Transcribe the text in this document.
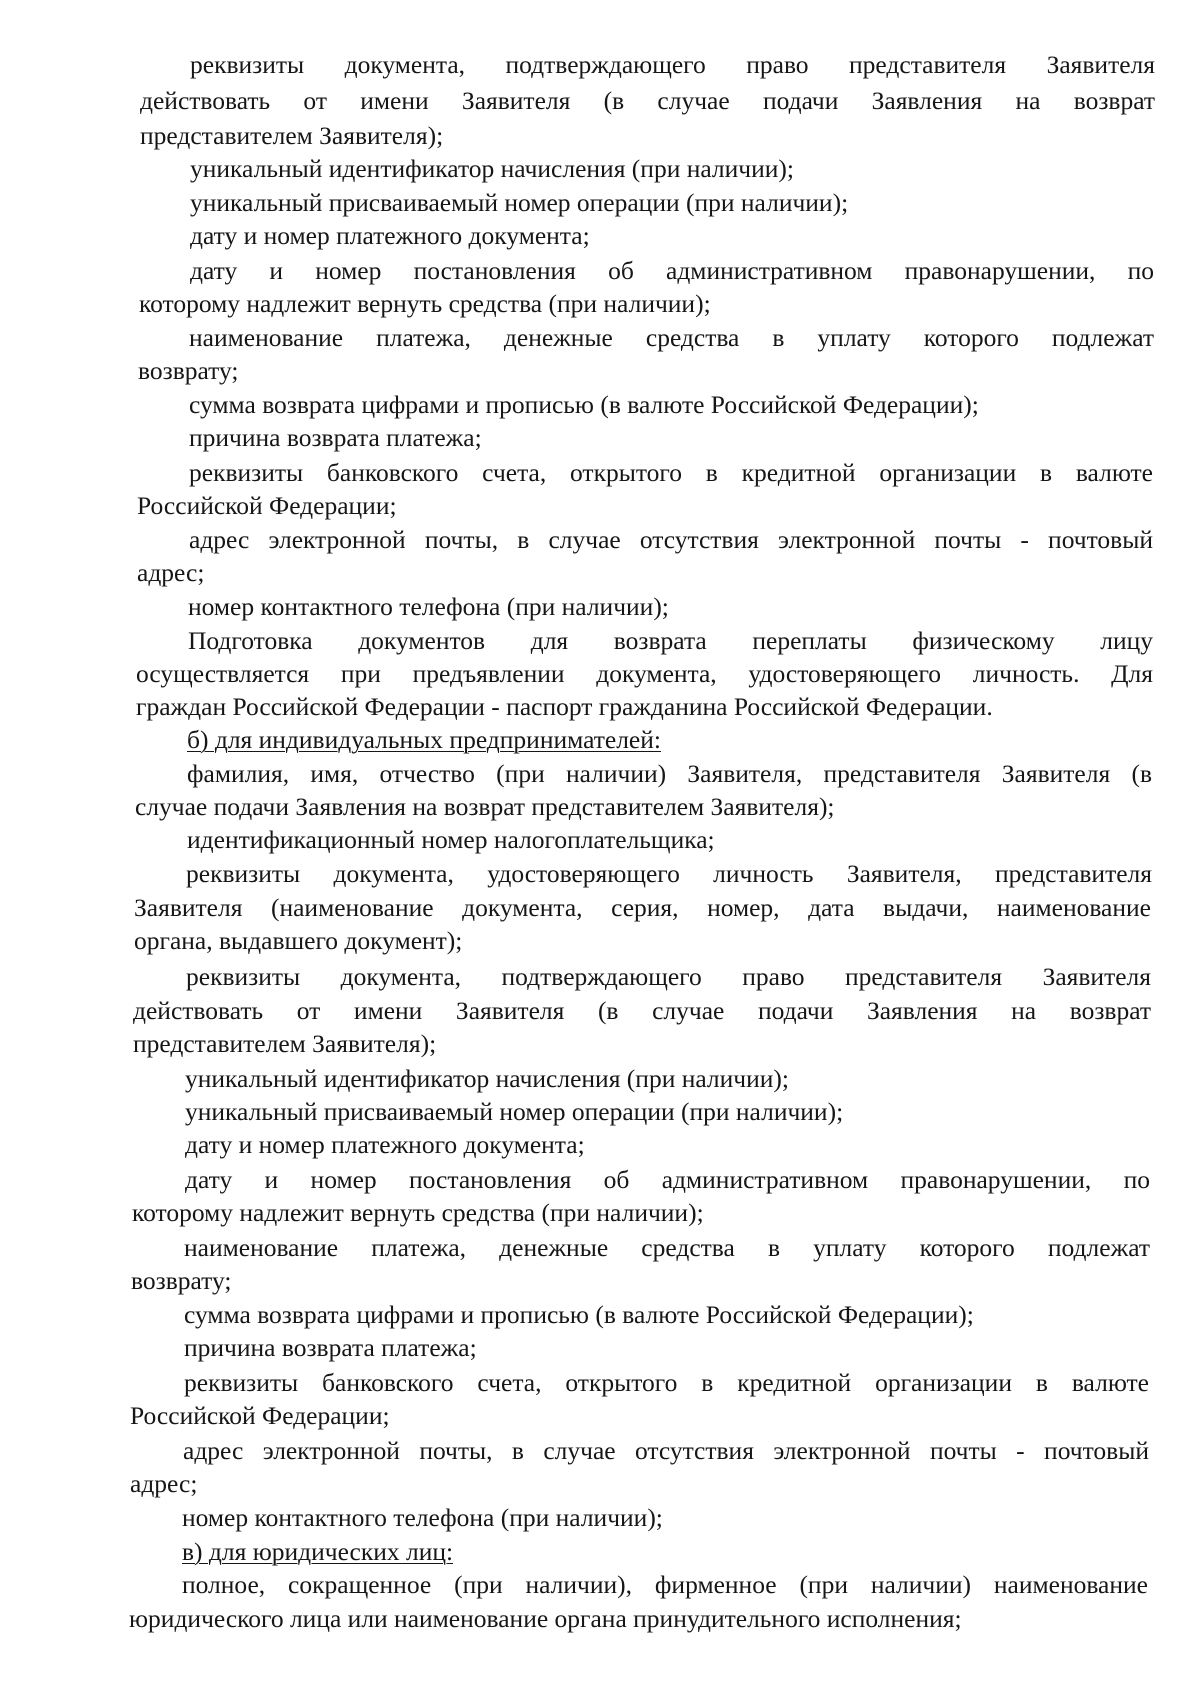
реквизиты документа, подтверждающего право представителя Заявителя
действовать от имени Заявителя (в случае подачи Заявления на возврат
представителем Заявителя);
уникальный идентификатор начисления (при наличии);
уникальный присваиваемый номер операции (при наличии);
дату и номер платежного документа;
дату и номер постановления об административном правонарушении, по
которому надлежит вернуть средства (при наличии);
наименование платежа, денежные средства в уплату которого подлежат
возврату;
сумма возврата цифрами и прописью (в валюте Российской Федерации);
причина возврата платежа;
реквизиты банковского счета, открытого в кредитной организации в валюте
Российской Федерации;
адрес электронной почты, в случае отсутствия электронной почты - почтовый
адрес;
номер контактного телефона (при наличии);
Подготовка документов для возврата переплаты физическому лицу
осуществляется при предъявлении документа, удостоверяющего личность. Для
граждан Российской Федерации - паспорт гражданина Российской Федерации.
б) для индивидуальных предпринимателей:
фамилия, имя, отчество (при наличии) Заявителя, представителя Заявителя (в
случае подачи Заявления на возврат представителем Заявителя);
идентификационный номер налогоплательщика;
реквизиты документа, удостоверяющего личность Заявителя, представителя
Заявителя (наименование документа, серия, номер, дата выдачи, наименование
органа, выдавшего документ);
реквизиты документа, подтверждающего право представителя Заявителя
действовать от имени Заявителя (в случае подачи Заявления на возврат
представителем Заявителя);
уникальный идентификатор начисления (при наличии);
уникальный присваиваемый номер операции (при наличии);
дату и номер платежного документа;
дату и номер постановления об административном правонарушении, по
которому надлежит вернуть средства (при наличии);
наименование платежа, денежные средства в уплату которого подлежат
возврату;
сумма возврата цифрами и прописью (в валюте Российской Федерации);
причина возврата платежа;
реквизиты банковского счета, открытого в кредитной организации в валюте
Российской Федерации;
адрес электронной почты, в случае отсутствия электронной почты - почтовый
адрес;
номер контактного телефона (при наличии);
в) для юридических лиц:
полное, сокращенное (при наличии), фирменное (при наличии) наименование
юридического лица или наименование органа принудительного исполнения;
